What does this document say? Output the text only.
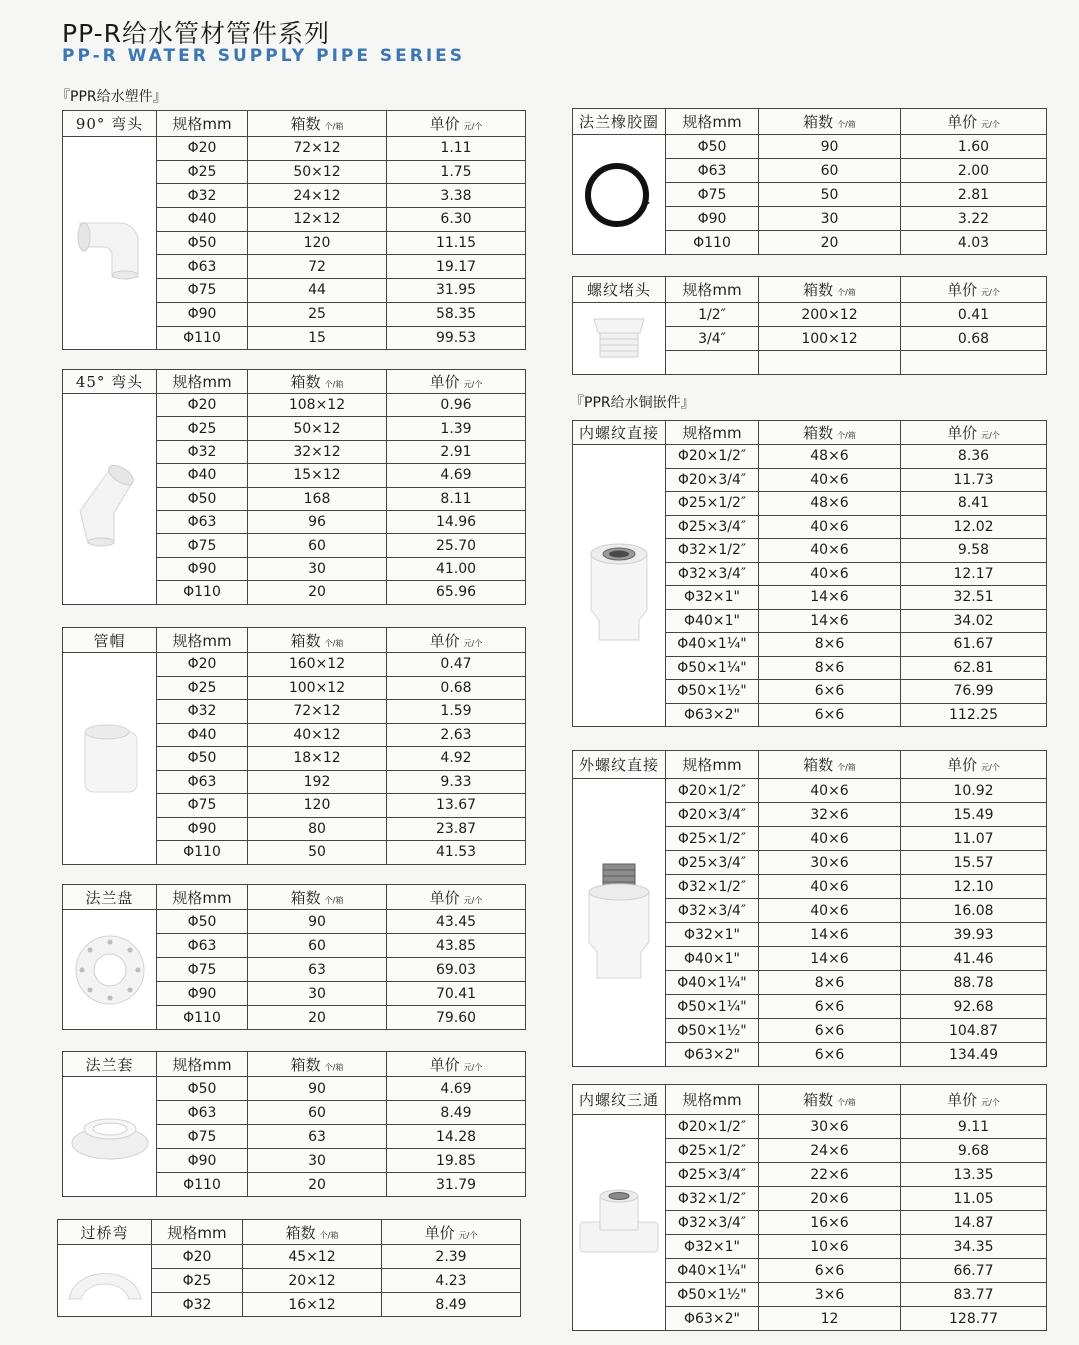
PP-R给水管材管件系列
PP-R WATER SUPPLY PIPE SERIES
『PPR给水塑件』
『PPR给水铜嵌件』
90° 弯头	规格mm	箱数 个/箱	单价 元/个

	Φ20	72×12	1.11
	Φ25	50×12	1.75
	Φ32	24×12	3.38
	Φ40	12×12	6.30
	Φ50	120	11.15
	Φ63	72	19.17
	Φ75	44	31.95
	Φ90	25	58.35
	Φ110	15	99.53
45° 弯头	规格mm	箱数 个/箱	单价 元/个

	Φ20	108×12	0.96
	Φ25	50×12	1.39
	Φ32	32×12	2.91
	Φ40	15×12	4.69
	Φ50	168	8.11
	Φ63	96	14.96
	Φ75	60	25.70
	Φ90	30	41.00
	Φ110	20	65.96
管帽	规格mm	箱数 个/箱	单价 元/个

	Φ20	160×12	0.47
	Φ25	100×12	0.68
	Φ32	72×12	1.59
	Φ40	40×12	2.63
	Φ50	18×12	4.92
	Φ63	192	9.33
	Φ75	120	13.67
	Φ90	80	23.87
	Φ110	50	41.53
法兰盘	规格mm	箱数 个/箱	单价 元/个

	Φ50	90	43.45
	Φ63	60	43.85
	Φ75	63	69.03
	Φ90	30	70.41
	Φ110	20	79.60
法兰套	规格mm	箱数 个/箱	单价 元/个

	Φ50	90	4.69
	Φ63	60	8.49
	Φ75	63	14.28
	Φ90	30	19.85
	Φ110	20	31.79
过桥弯	规格mm	箱数 个/箱	单价 元/个

	Φ20	45×12	2.39
	Φ25	20×12	4.23
	Φ32	16×12	8.49
法兰橡胶圈	规格mm	箱数 个/箱	单价 元/个

	Φ50	90	1.60
	Φ63	60	2.00
	Φ75	50	2.81
	Φ90	30	3.22
	Φ110	20	4.03
螺纹堵头	规格mm	箱数 个/箱	单价 元/个

	1/2″	200×12	0.41
	3/4″	100×12	0.68

内螺纹直接	规格mm	箱数 个/箱	单价 元/个

	Φ20×1/2″	48×6	8.36
	Φ20×3/4″	40×6	11.73
	Φ25×1/2″	48×6	8.41
	Φ25×3/4″	40×6	12.02
	Φ32×1/2″	40×6	9.58
	Φ32×3/4″	40×6	12.17
	Φ32×1"	14×6	32.51
	Φ40×1"	14×6	34.02
	Φ40×1¼"	8×6	61.67
	Φ50×1¼"	8×6	62.81
	Φ50×1½"	6×6	76.99
	Φ63×2"	6×6	112.25
外螺纹直接	规格mm	箱数 个/箱	单价 元/个

	Φ20×1/2″	40×6	10.92
	Φ20×3/4″	32×6	15.49
	Φ25×1/2″	40×6	11.07
	Φ25×3/4″	30×6	15.57
	Φ32×1/2″	40×6	12.10
	Φ32×3/4″	40×6	16.08
	Φ32×1"	14×6	39.93
	Φ40×1"	14×6	41.46
	Φ40×1¼"	8×6	88.78
	Φ50×1¼"	6×6	92.68
	Φ50×1½"	6×6	104.87
	Φ63×2"	6×6	134.49
内螺纹三通	规格mm	箱数 个/箱	单价 元/个

	Φ20×1/2″	30×6	9.11
	Φ25×1/2″	24×6	9.68
	Φ25×3/4″	22×6	13.35
	Φ32×1/2″	20×6	11.05
	Φ32×3/4″	16×6	14.87
	Φ32×1"	10×6	34.35
	Φ40×1¼"	6×6	66.77
	Φ50×1½"	3×6	83.77
	Φ63×2"	12	128.77
